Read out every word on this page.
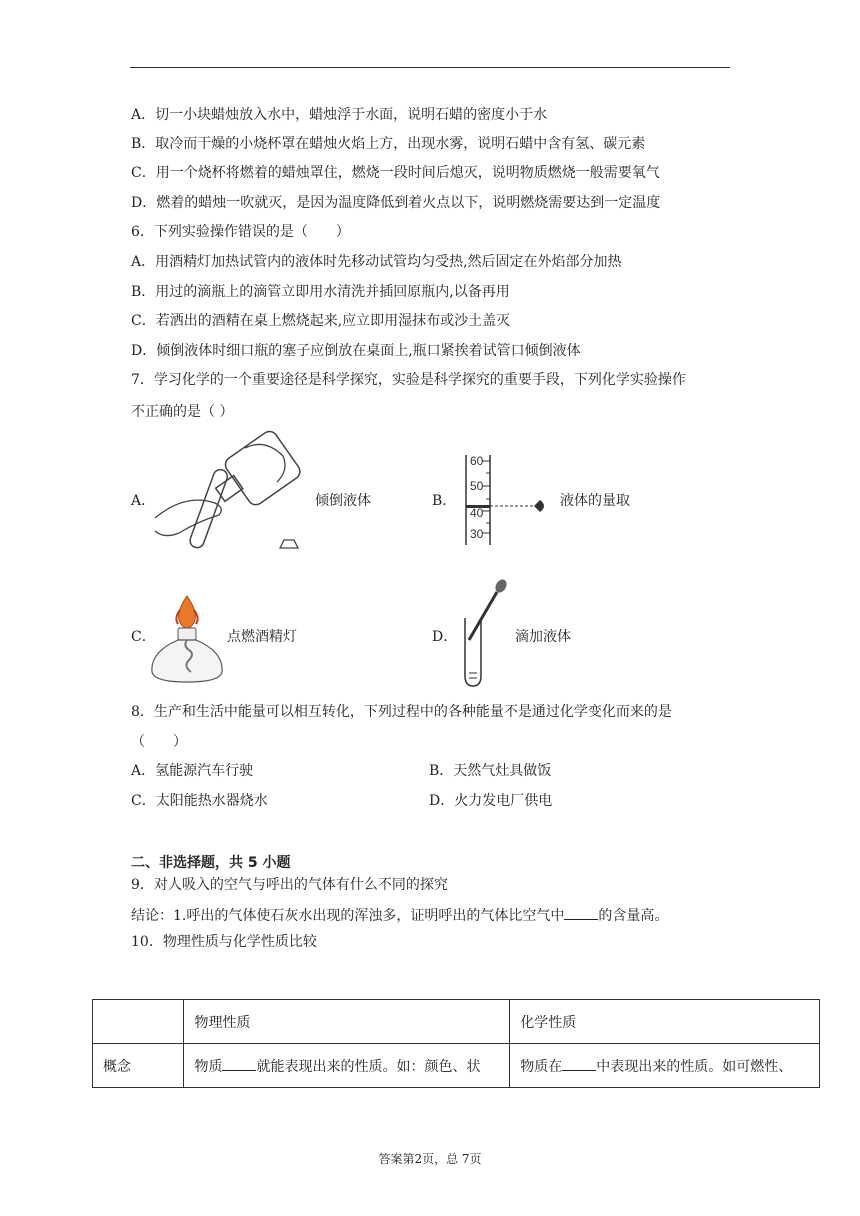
A．切一小块蜡烛放入水中，蜡烛浮于水面，说明石蜡的密度小于水
B．取冷而干燥的小烧杯罩在蜡烛火焰上方，出现水雾，说明石蜡中含有氢、碳元素
C．用一个烧杯将燃着的蜡烛罩住，燃烧一段时间后熄灭，说明物质燃烧一般需要氧气
D．燃着的蜡烛一吹就灭，是因为温度降低到着火点以下，说明燃烧需要达到一定温度
6．下列实验操作错误的是（　　）
A．用酒精灯加热试管内的液体时先移动试管均匀受热,然后固定在外焰部分加热
B．用过的滴瓶上的滴管立即用水清洗并插回原瓶内,以备再用
C．若洒出的酒精在桌上燃烧起来,应立即用湿抹布或沙土盖灭
D．倾倒液体时细口瓶的塞子应倒放在桌面上,瓶口紧挨着试管口倾倒液体
7．学习化学的一个重要途径是科学探究，实验是科学探究的重要手段，下列化学实验操作
不正确的是（ ）
A．	倾倒液体	B．
60
50
40
30
液体的量取
C．	点燃酒精灯	D．	滴加液体
8．生产和生活中能量可以相互转化，下列过程中的各种能量不是通过化学变化而来的是
（　　）
A．氢能源汽车行驶	B．天然气灶具做饭
C．太阳能热水器烧水	D．火力发电厂供电
二、非选择题，共 5 小题
9．对人吸入的空气与呼出的气体有什么不同的探究
结论：1.呼出的气体使石灰水出现的浑浊多，证明呼出的气体比空气中 的含量高。
10．物理性质与化学性质比较
	物理性质	化学性质
概念	物质 就能表现出来的性质。如：颜色、状	物质在 中表现出来的性质。如可燃性、
答案第2页，总 7页
